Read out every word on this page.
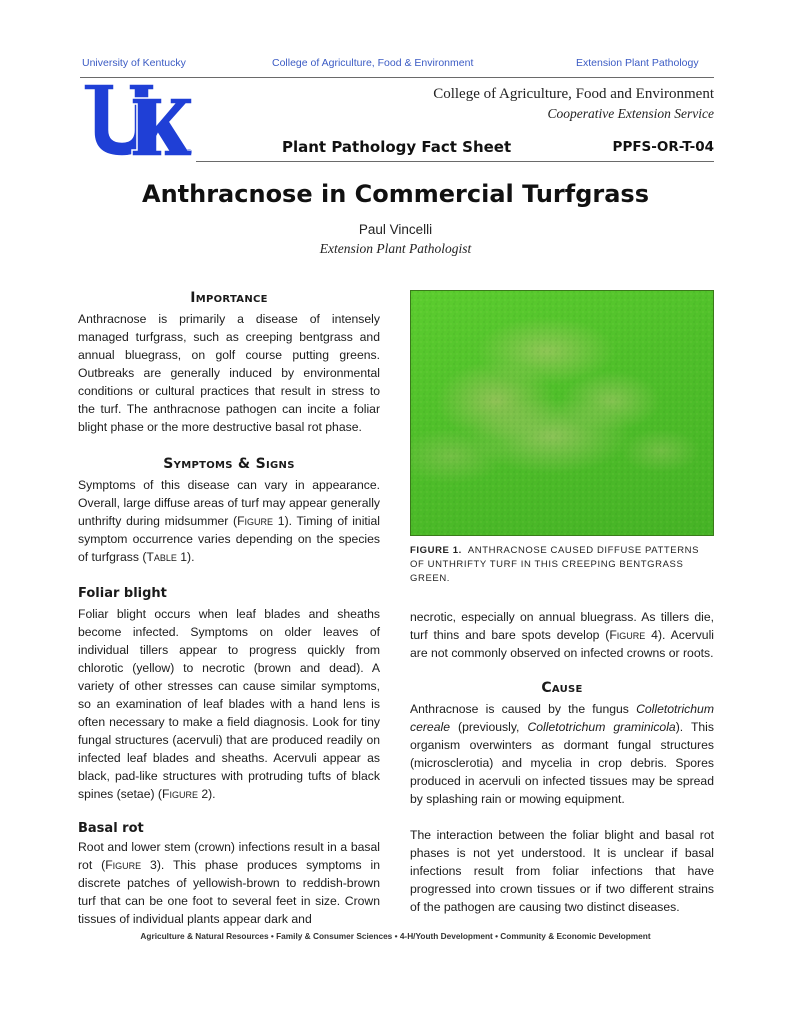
University of Kentucky	College of Agriculture, Food & Environment	Extension Plant Pathology
®
College of Agriculture, Food and Environment
Cooperative Extension Service
Plant Pathology Fact Sheet	PPFS-OR-T-04
Anthracnose in Commercial Turfgrass
Paul Vincelli
Extension Plant Pathologist
Importance

Anthracnose is primarily a disease of intensely managed turfgrass, such as creeping bentgrass and annual bluegrass, on golf course putting greens. Outbreaks are generally induced by environmental conditions or cultural practices that result in stress to the turf. The anthracnose pathogen can incite a foliar blight phase or the more destructive basal rot phase.

Symptoms & Signs

Symptoms of this disease can vary in appearance. Overall, large diffuse areas of turf may appear generally unthrifty during midsummer (Figure 1). Timing of initial symptom occurrence varies depending on the species of turfgrass (Table 1).

Foliar blight

Foliar blight occurs when leaf blades and sheaths become infected. Symptoms on older leaves of individual tillers appear to progress quickly from chlorotic (yellow) to necrotic (brown and dead). A variety of other stresses can cause similar symptoms, so an examination of leaf blades with a hand lens is often necessary to make a field diagnosis. Look for tiny fungal structures (acervuli) that are produced readily on infected leaf blades and sheaths. Acervuli appear as black, pad-like structures with protruding tufts of black spines (setae) (Figure 2).

Basal rot

Root and lower stem (crown) infections result in a basal rot (Figure 3). This phase produces symptoms in discrete patches of yellowish-brown to reddish-brown turf that can be one foot to several feet in size. Crown tissues of individual plants appear dark and

FIGURE 1. ANTHRACNOSE CAUSED DIFFUSE PATTERNS OF UNTHRIFTY TURF IN THIS CREEPING BENTGRASS GREEN.

necrotic, especially on annual bluegrass. As tillers die, turf thins and bare spots develop (Figure 4). Acervuli are not commonly observed on infected crowns or roots.

Cause

Anthracnose is caused by the fungus Colletotrichum cereale (previously, Colletotrichum graminicola). This organism overwinters as dormant fungal structures (microsclerotia) and mycelia in crop debris. Spores produced in acervuli on infected tissues may be spread by splashing rain or mowing equipment.

The interaction between the foliar blight and basal rot phases is not yet understood. It is unclear if basal infections result from foliar infections that have progressed into crown tissues or if two different strains of the pathogen are causing two distinct diseases.

Agriculture & Natural Resources • Family & Consumer Sciences • 4-H/Youth Development • Community & Economic Development
